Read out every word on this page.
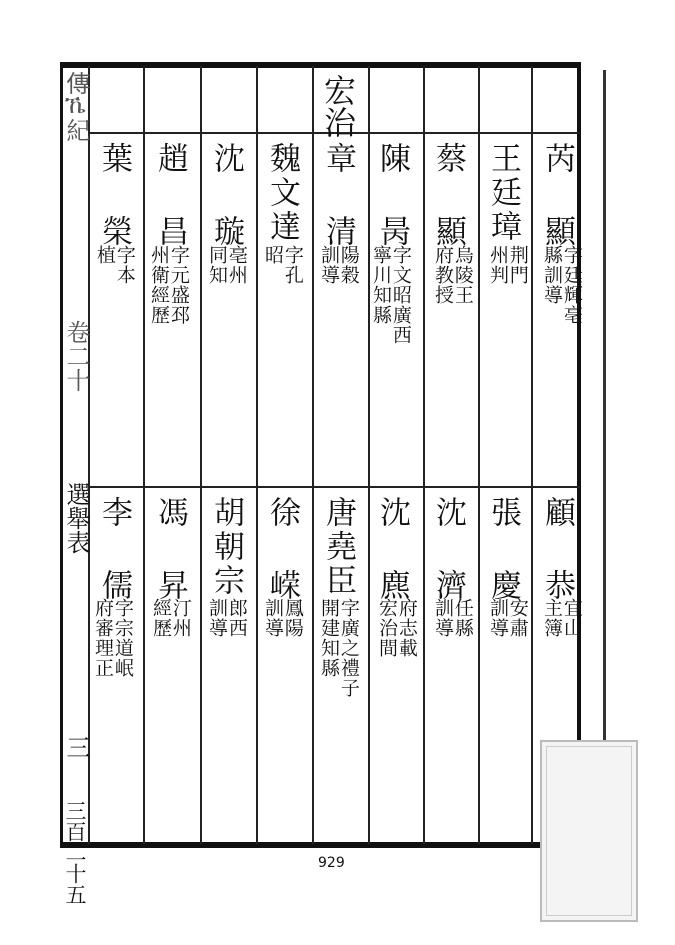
𫝊ኼ紀
卷二十
選舉表
三
三百二十五
宏治
芮 顯
字廷輝亳
縣訓導
王廷璋
荆門
州判
蔡 顯
烏陵王
府教授
陳 昺
字文昭廣西
寧川知縣
章 清
陽穀
訓導
魏文達
字孔
昭
沈 璇
亳州
同知
趙 昌
字元盛邳
州衛經歷
葉 榮
字本
植
顧 恭
宜山
主簿
張 慶
安肅
訓導
沈 濟
任縣
訓導
沈 麃
府志載
宏治間
唐堯臣
字廣之禮子
開建知縣
徐 嵘
鳳陽
訓導
胡朝宗
郎西
訓導
馮 昇
汀州
經歷
李 儒
字宗道岷
府審理正
929
